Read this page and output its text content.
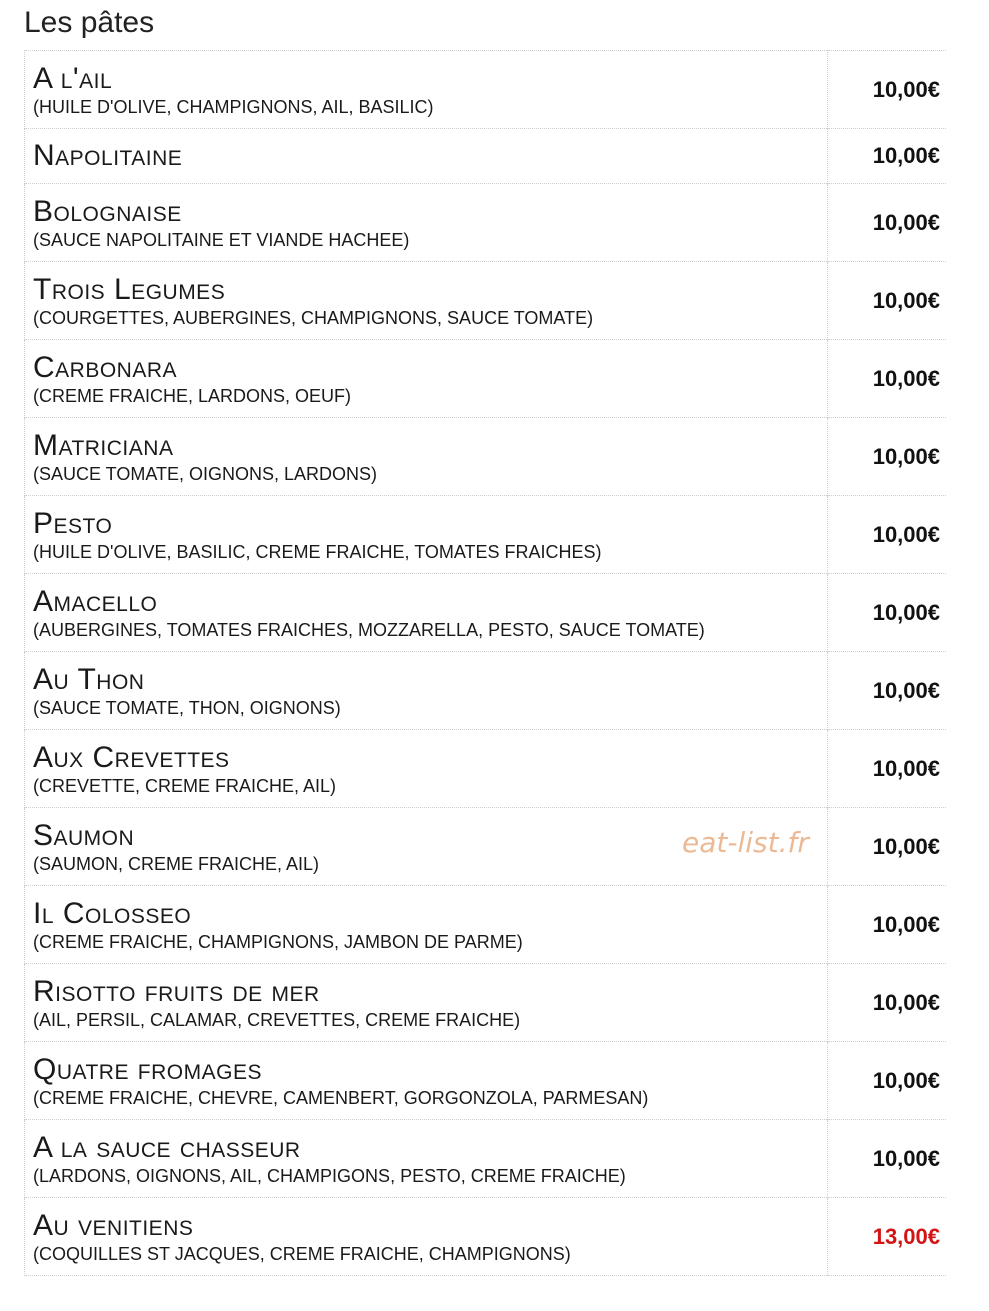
Les pâtes
A l'ail
(HUILE D'OLIVE, CHAMPIGNONS, AIL, BASILIC)	10,00€

Napolitaine	10,00€

Bolognaise
(SAUCE NAPOLITAINE ET VIANDE HACHEE)	10,00€

Trois Legumes
(COURGETTES, AUBERGINES, CHAMPIGNONS, SAUCE TOMATE)	10,00€

Carbonara
(CREME FRAICHE, LARDONS, OEUF)	10,00€

Matriciana
(SAUCE TOMATE, OIGNONS, LARDONS)	10,00€

Pesto
(HUILE D'OLIVE, BASILIC, CREME FRAICHE, TOMATES FRAICHES)	10,00€

Amacello
(AUBERGINES, TOMATES FRAICHES, MOZZARELLA, PESTO, SAUCE TOMATE)	10,00€

Au Thon
(SAUCE TOMATE, THON, OIGNONS)	10,00€

Aux Crevettes
(CREVETTE, CREME FRAICHE, AIL)	10,00€

Saumon
(SAUMON, CREME FRAICHE, AIL)	10,00€

Il Colosseo
(CREME FRAICHE, CHAMPIGNONS, JAMBON DE PARME)	10,00€

Risotto fruits de mer
(AIL, PERSIL, CALAMAR, CREVETTES, CREME FRAICHE)	10,00€

Quatre fromages
(CREME FRAICHE, CHEVRE, CAMENBERT, GORGONZOLA, PARMESAN)	10,00€

A la sauce chasseur
(LARDONS, OIGNONS, AIL, CHAMPIGONS, PESTO, CREME FRAICHE)	10,00€

Au venitiens
(COQUILLES ST JACQUES, CREME FRAICHE, CHAMPIGNONS)	13,00€
eat-list.fr
